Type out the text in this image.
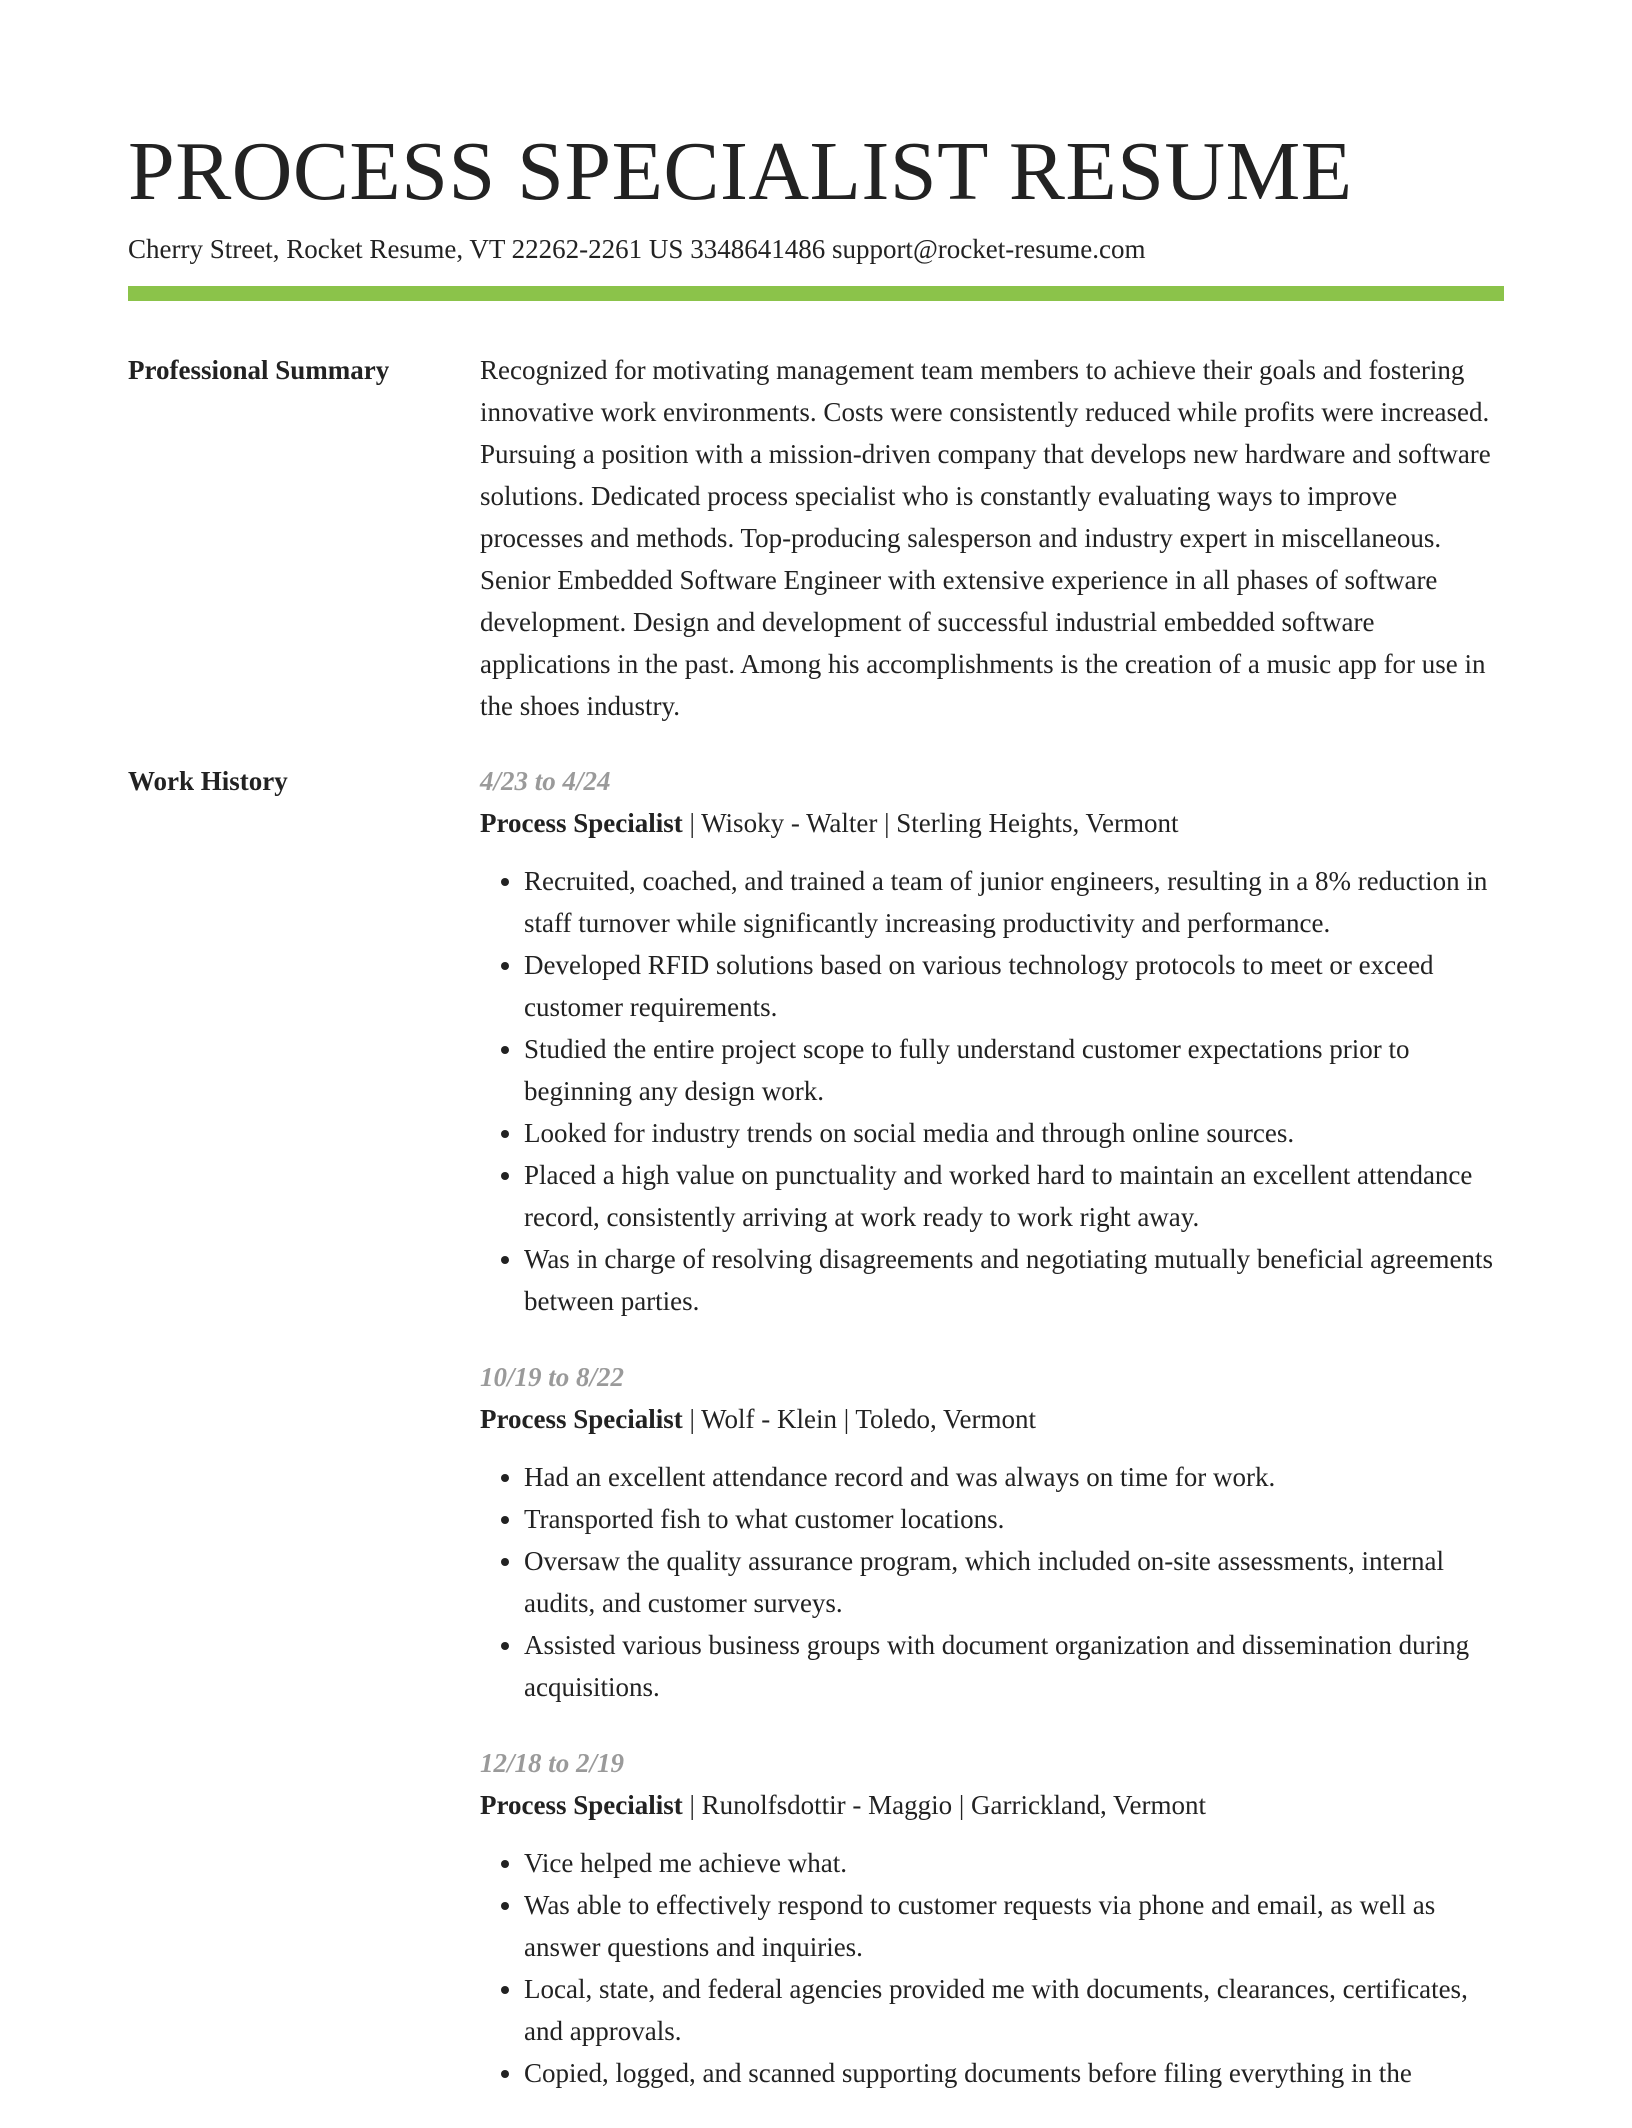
PROCESS SPECIALIST RESUME
Cherry Street, Rocket Resume, VT 22262-2261 US 3348641486 support@rocket-resume.com
Professional Summary	Recognized for motivating management team members to achieve their goals and fostering innovative work environments. Costs were consistently reduced while profits were increased. Pursuing a position with a mission-driven company that develops new hardware and software solutions. Dedicated process specialist who is constantly evaluating ways to improve processes and methods. Top-producing salesperson and industry expert in miscellaneous. Senior Embedded Software Engineer with extensive experience in all phases of software development. Design and development of successful industrial embedded software applications in the past. Among his accomplishments is the creation of a music app for use in the shoes industry.

Work History	4/23 to 4/24

Process Specialist | Wisoky - Walter | Sterling Heights, Vermont

• Recruited, coached, and trained a team of junior engineers, resulting in a 8% reduction in staff turnover while significantly increasing productivity and performance.
• Developed RFID solutions based on various technology protocols to meet or exceed customer requirements.
• Studied the entire project scope to fully understand customer expectations prior to beginning any design work.
• Looked for industry trends on social media and through online sources.
• Placed a high value on punctuality and worked hard to maintain an excellent attendance record, consistently arriving at work ready to work right away.
• Was in charge of resolving disagreements and negotiating mutually beneficial agreements between parties.

10/19 to 8/22

Process Specialist | Wolf - Klein | Toledo, Vermont

• Had an excellent attendance record and was always on time for work.
• Transported fish to what customer locations.
• Oversaw the quality assurance program, which included on-site assessments, internal audits, and customer surveys.
• Assisted various business groups with document organization and dissemination during acquisitions.

12/18 to 2/19

Process Specialist | Runolfsdottir - Maggio | Garrickland, Vermont

• Vice helped me achieve what.
• Was able to effectively respond to customer requests via phone and email, as well as answer questions and inquiries.
• Local, state, and federal agencies provided me with documents, clearances, certificates, and approvals.
• Copied, logged, and scanned supporting documents before filing everything in the
